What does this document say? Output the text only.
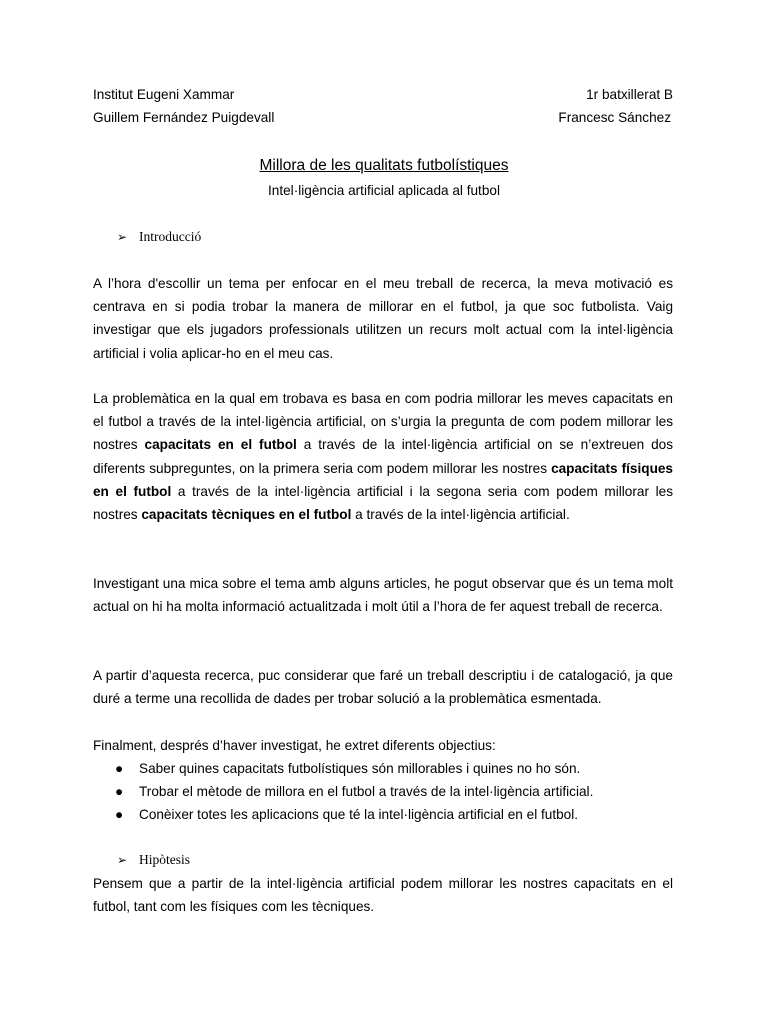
Institut Eugeni Xammar	1r batxillerat B
Guillem Fernández Puigdevall	Francesc Sánchez
Millora de les qualitats futbolístiques
Intel·ligència artificial aplicada al futbol
➢ Introducció

A l’hora d'escollir un tema per enfocar en el meu treball de recerca, la meva motivació es centrava en si podia trobar la manera de millorar en el futbol, ja que soc futbolista. Vaig investigar que els jugadors professionals utilitzen un recurs molt actual com la intel·ligència artificial i volia aplicar-ho en el meu cas.

La problemàtica en la qual em trobava es basa en com podria millorar les meves capacitats en el futbol a través de la intel·ligència artificial, on s’urgia la pregunta de com podem millorar les nostres capacitats en el futbol a través de la intel·ligència artificial on se n’extreuen dos diferents subpreguntes, on la primera seria com podem millorar les nostres capacitats físiques en el futbol a través de la intel·ligència artificial i la segona seria com podem millorar les nostres capacitats tècniques en el futbol a través de la intel·ligència artificial.

Investigant una mica sobre el tema amb alguns articles, he pogut observar que és un tema molt actual on hi ha molta informació actualitzada i molt útil a l’hora de fer aquest treball de recerca.

A partir d’aquesta recerca, puc considerar que faré un treball descriptiu i de catalogació, ja que duré a terme una recollida de dades per trobar solució a la problemàtica esmentada.

Finalment, després d’haver investigat, he extret diferents objectius:

● Saber quines capacitats futbolístiques són millorables i quines no ho són.
● Trobar el mètode de millora en el futbol a través de la intel·ligència artificial.
● Conèixer totes les aplicacions que té la intel·ligència artificial en el futbol.
➢ Hipòtesis

Pensem que a partir de la intel·ligència artificial podem millorar les nostres capacitats en el futbol, tant com les físiques com les tècniques.
